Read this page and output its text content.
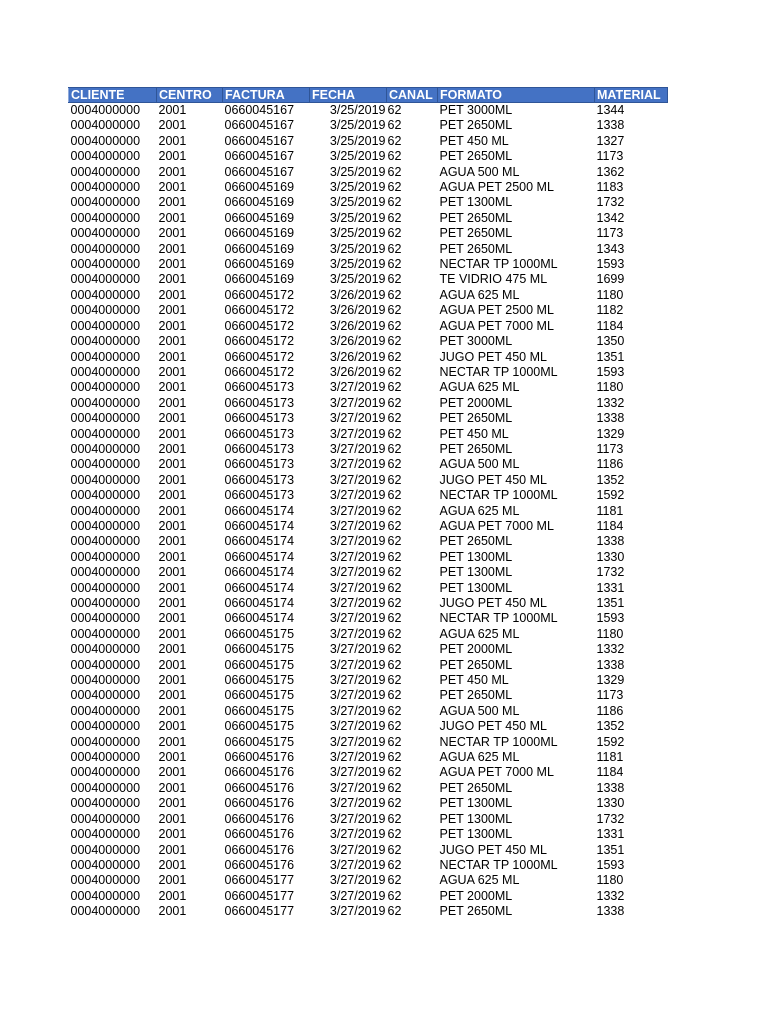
CLIENTE	CENTRO	FACTURA	FECHA	CANAL	FORMATO	MATERIAL
0004000000	2001	0660045167	3/25/2019	62	PET 3000ML	1344
0004000000	2001	0660045167	3/25/2019	62	PET 2650ML	1338
0004000000	2001	0660045167	3/25/2019	62	PET 450 ML	1327
0004000000	2001	0660045167	3/25/2019	62	PET 2650ML	1173
0004000000	2001	0660045167	3/25/2019	62	AGUA 500 ML	1362
0004000000	2001	0660045169	3/25/2019	62	AGUA PET 2500 ML	1183
0004000000	2001	0660045169	3/25/2019	62	PET 1300ML	1732
0004000000	2001	0660045169	3/25/2019	62	PET 2650ML	1342
0004000000	2001	0660045169	3/25/2019	62	PET 2650ML	1173
0004000000	2001	0660045169	3/25/2019	62	PET 2650ML	1343
0004000000	2001	0660045169	3/25/2019	62	NECTAR TP 1000ML	1593
0004000000	2001	0660045169	3/25/2019	62	TE VIDRIO 475 ML	1699
0004000000	2001	0660045172	3/26/2019	62	AGUA 625 ML	1180
0004000000	2001	0660045172	3/26/2019	62	AGUA PET 2500 ML	1182
0004000000	2001	0660045172	3/26/2019	62	AGUA PET 7000 ML	1184
0004000000	2001	0660045172	3/26/2019	62	PET 3000ML	1350
0004000000	2001	0660045172	3/26/2019	62	JUGO PET 450 ML	1351
0004000000	2001	0660045172	3/26/2019	62	NECTAR TP 1000ML	1593
0004000000	2001	0660045173	3/27/2019	62	AGUA 625 ML	1180
0004000000	2001	0660045173	3/27/2019	62	PET 2000ML	1332
0004000000	2001	0660045173	3/27/2019	62	PET 2650ML	1338
0004000000	2001	0660045173	3/27/2019	62	PET 450 ML	1329
0004000000	2001	0660045173	3/27/2019	62	PET 2650ML	1173
0004000000	2001	0660045173	3/27/2019	62	AGUA 500 ML	1186
0004000000	2001	0660045173	3/27/2019	62	JUGO PET 450 ML	1352
0004000000	2001	0660045173	3/27/2019	62	NECTAR TP 1000ML	1592
0004000000	2001	0660045174	3/27/2019	62	AGUA 625 ML	1181
0004000000	2001	0660045174	3/27/2019	62	AGUA PET 7000 ML	1184
0004000000	2001	0660045174	3/27/2019	62	PET 2650ML	1338
0004000000	2001	0660045174	3/27/2019	62	PET 1300ML	1330
0004000000	2001	0660045174	3/27/2019	62	PET 1300ML	1732
0004000000	2001	0660045174	3/27/2019	62	PET 1300ML	1331
0004000000	2001	0660045174	3/27/2019	62	JUGO PET 450 ML	1351
0004000000	2001	0660045174	3/27/2019	62	NECTAR TP 1000ML	1593
0004000000	2001	0660045175	3/27/2019	62	AGUA 625 ML	1180
0004000000	2001	0660045175	3/27/2019	62	PET 2000ML	1332
0004000000	2001	0660045175	3/27/2019	62	PET 2650ML	1338
0004000000	2001	0660045175	3/27/2019	62	PET 450 ML	1329
0004000000	2001	0660045175	3/27/2019	62	PET 2650ML	1173
0004000000	2001	0660045175	3/27/2019	62	AGUA 500 ML	1186
0004000000	2001	0660045175	3/27/2019	62	JUGO PET 450 ML	1352
0004000000	2001	0660045175	3/27/2019	62	NECTAR TP 1000ML	1592
0004000000	2001	0660045176	3/27/2019	62	AGUA 625 ML	1181
0004000000	2001	0660045176	3/27/2019	62	AGUA PET 7000 ML	1184
0004000000	2001	0660045176	3/27/2019	62	PET 2650ML	1338
0004000000	2001	0660045176	3/27/2019	62	PET 1300ML	1330
0004000000	2001	0660045176	3/27/2019	62	PET 1300ML	1732
0004000000	2001	0660045176	3/27/2019	62	PET 1300ML	1331
0004000000	2001	0660045176	3/27/2019	62	JUGO PET 450 ML	1351
0004000000	2001	0660045176	3/27/2019	62	NECTAR TP 1000ML	1593
0004000000	2001	0660045177	3/27/2019	62	AGUA 625 ML	1180
0004000000	2001	0660045177	3/27/2019	62	PET 2000ML	1332
0004000000	2001	0660045177	3/27/2019	62	PET 2650ML	1338
